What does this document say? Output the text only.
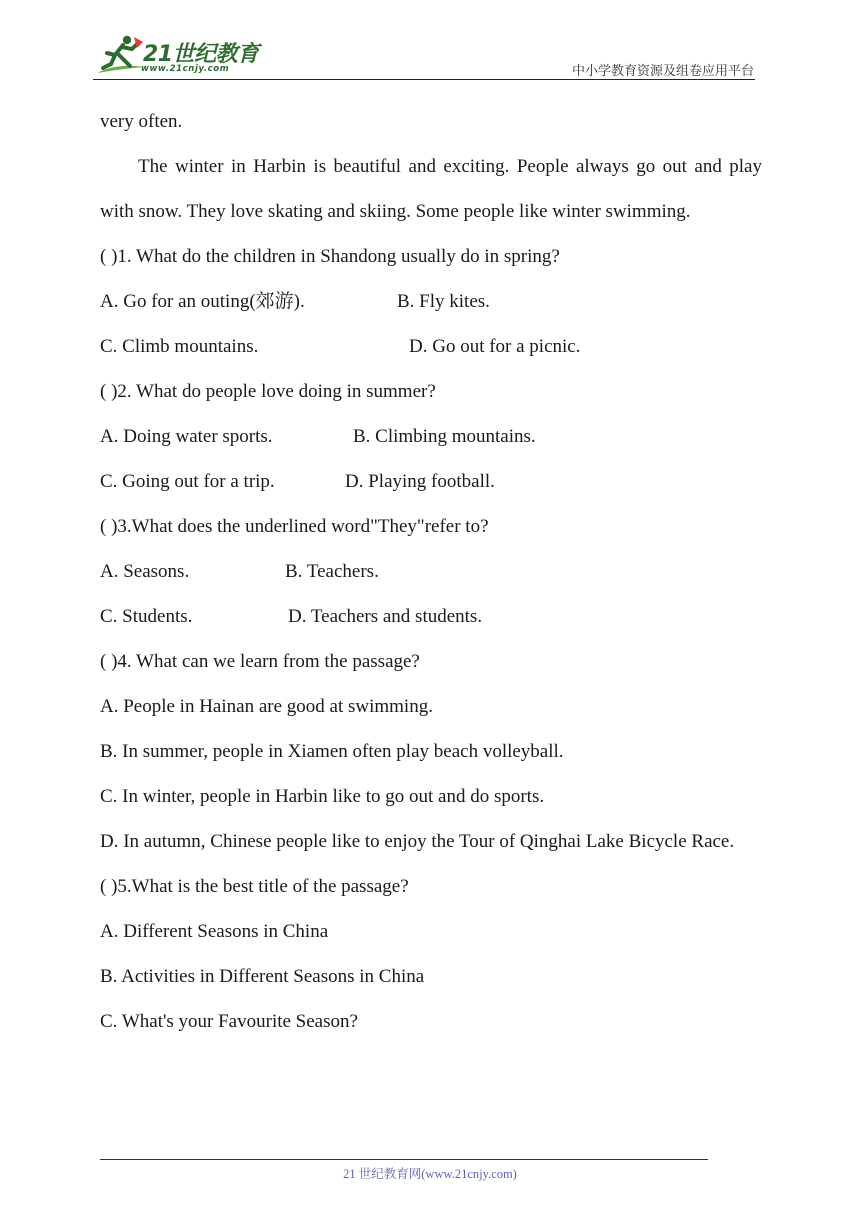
21世纪教育
www.21cnjy.com	中小学教育资源及组卷应用平台
very often.
The winter in Harbin is beautiful and exciting. People always go out and play with snow. They love skating and skiing. Some people like winter swimming.
( )1. What do the children in Shandong usually do in spring?
A. Go for an outing(郊游).	B. Fly kites.
C. Climb mountains.	D. Go out for a picnic.
( )2. What do people love doing in summer?
A. Doing water sports.	B. Climbing mountains.
C. Going out for a trip.	D. Playing football.
( )3.What does the underlined word"They"refer to?
A. Seasons.	B. Teachers.
C. Students.	D. Teachers and students.
( )4. What can we learn from the passage?
A. People in Hainan are good at swimming.
B. In summer, people in Xiamen often play beach volleyball.
C. In winter, people in Harbin like to go out and do sports.
D. In autumn, Chinese people like to enjoy the Tour of Qinghai Lake Bicycle Race.
( )5.What is the best title of the passage?
A. Different Seasons in China
B. Activities in Different Seasons in China
C. What's your Favourite Season?
21 世纪教育网(www.21cnjy.com)
